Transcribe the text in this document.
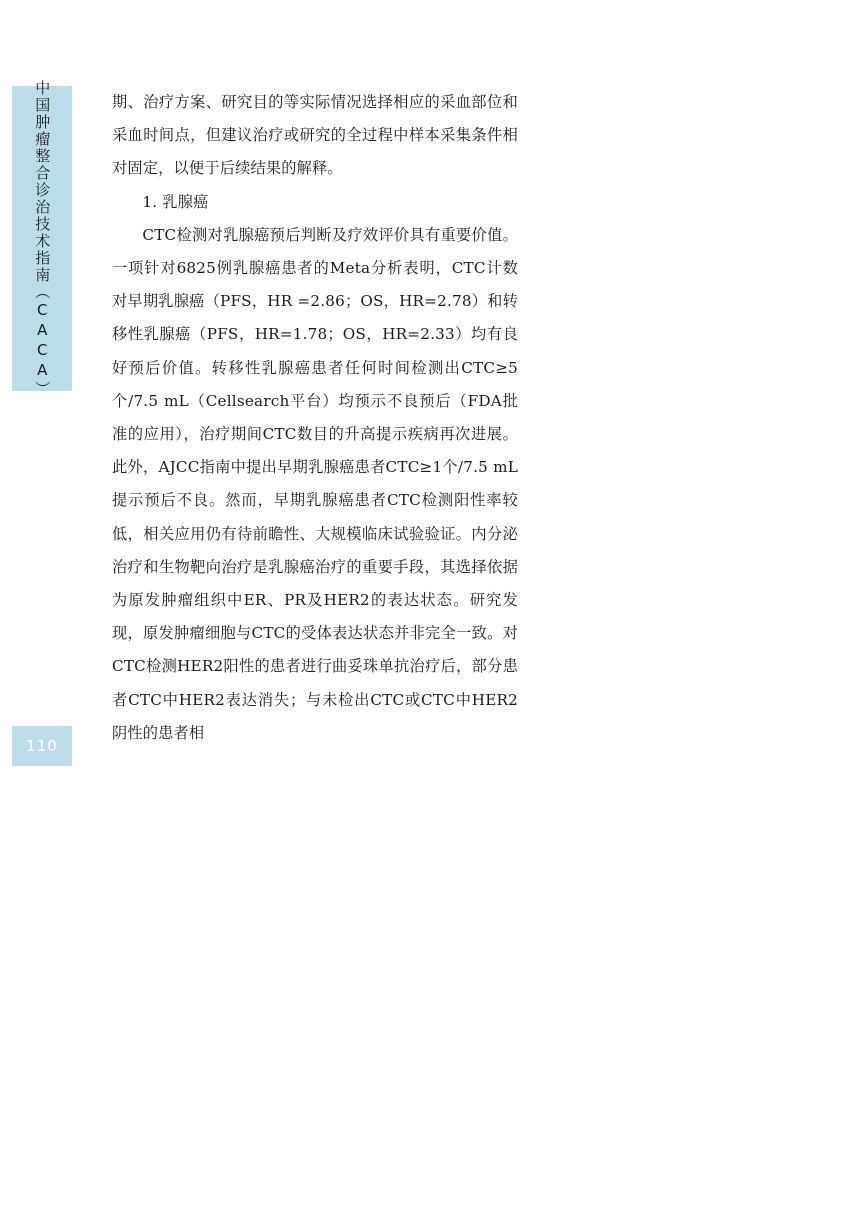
中国肿瘤整合诊治技术指南（CACA）
110

期、治疗方案、研究目的等实际情况选择相应的采血部位和采血时间点，但建议治疗或研究的全过程中样本采集条件相对固定，以便于后续结果的解释。

1. 乳腺癌

CTC检测对乳腺癌预后判断及疗效评价具有重要价值。一项针对6825例乳腺癌患者的Meta分析表明，CTC计数对早期乳腺癌（PFS，HR =2.86；OS，HR=2.78）和转移性乳腺癌（PFS，HR=1.78；OS，HR=2.33）均有良好预后价值。转移性乳腺癌患者任何时间检测出CTC≥5个/7.5 mL（Cellsearch平台）均预示不良预后（FDA批准的应用），治疗期间CTC数目的升高提示疾病再次进展。此外，AJCC指南中提出早期乳腺癌患者CTC≥1个/7.5 mL提示预后不良。然而，早期乳腺癌患者CTC检测阳性率较低，相关应用仍有待前瞻性、大规模临床试验验证。内分泌治疗和生物靶向治疗是乳腺癌治疗的重要手段，其选择依据为原发肿瘤组织中ER、PR及HER2的表达状态。研究发现，原发肿瘤细胞与CTC的受体表达状态并非完全一致。对CTC检测HER2阳性的患者进行曲妥珠单抗治疗后，部分患者CTC中HER2表达消失；与未检出CTC或CTC中HER2阴性的患者相
